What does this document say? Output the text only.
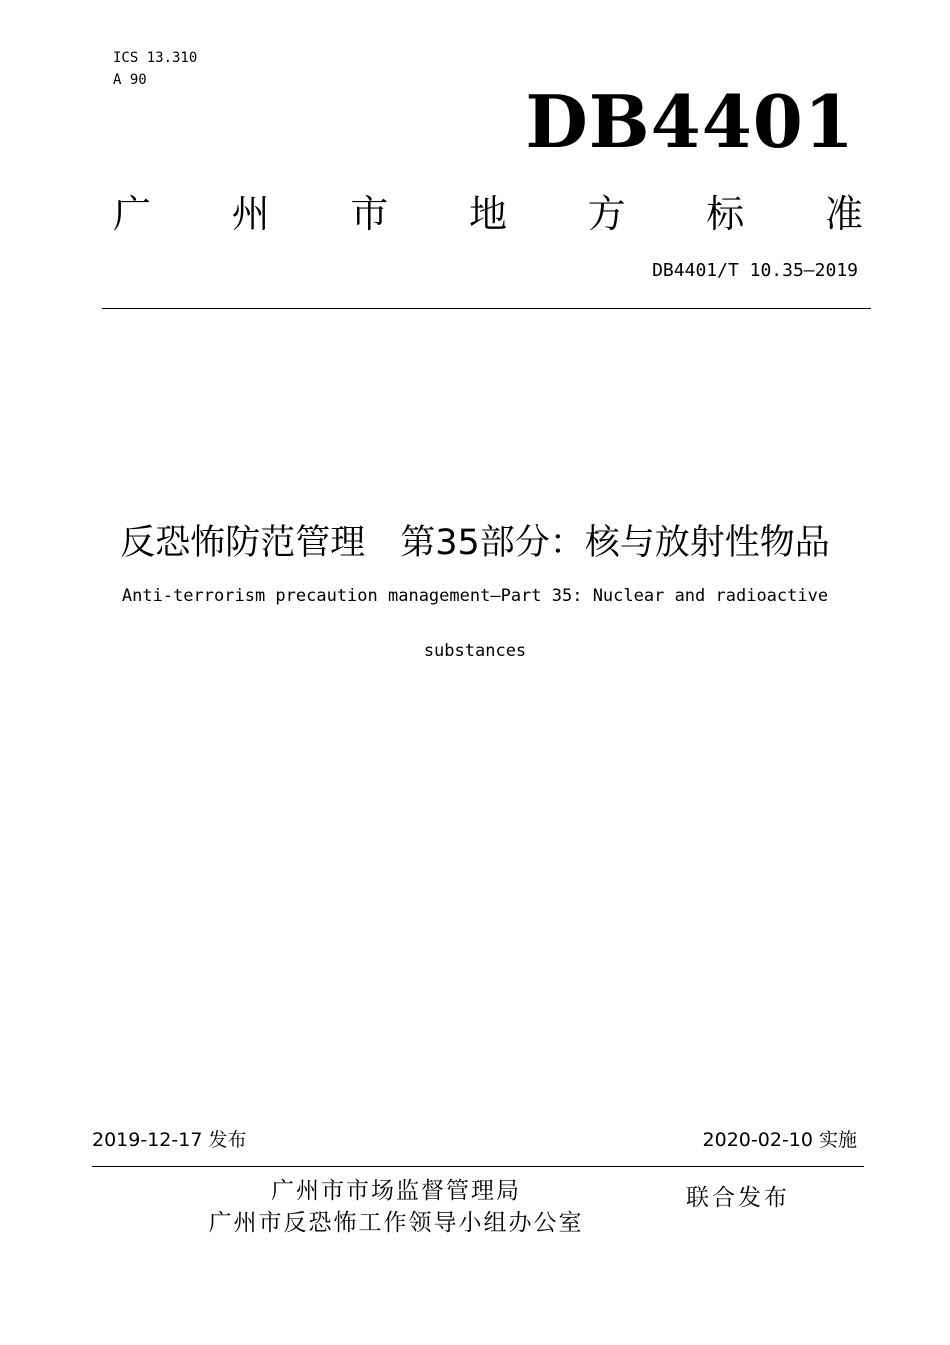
ICS 13.310
A 90	DB4401
广 州 市 地 方 标 准
DB4401/T 10.35—2019
反恐怖防范管理　第35部分：核与放射性物品
Anti-terrorism precaution management—Part 35: Nuclear and radioactive
substances
2019-12-17 发布	2020-02-10 实施
广州市市场监督管理局
广州市反恐怖工作领导小组办公室
联合发布
